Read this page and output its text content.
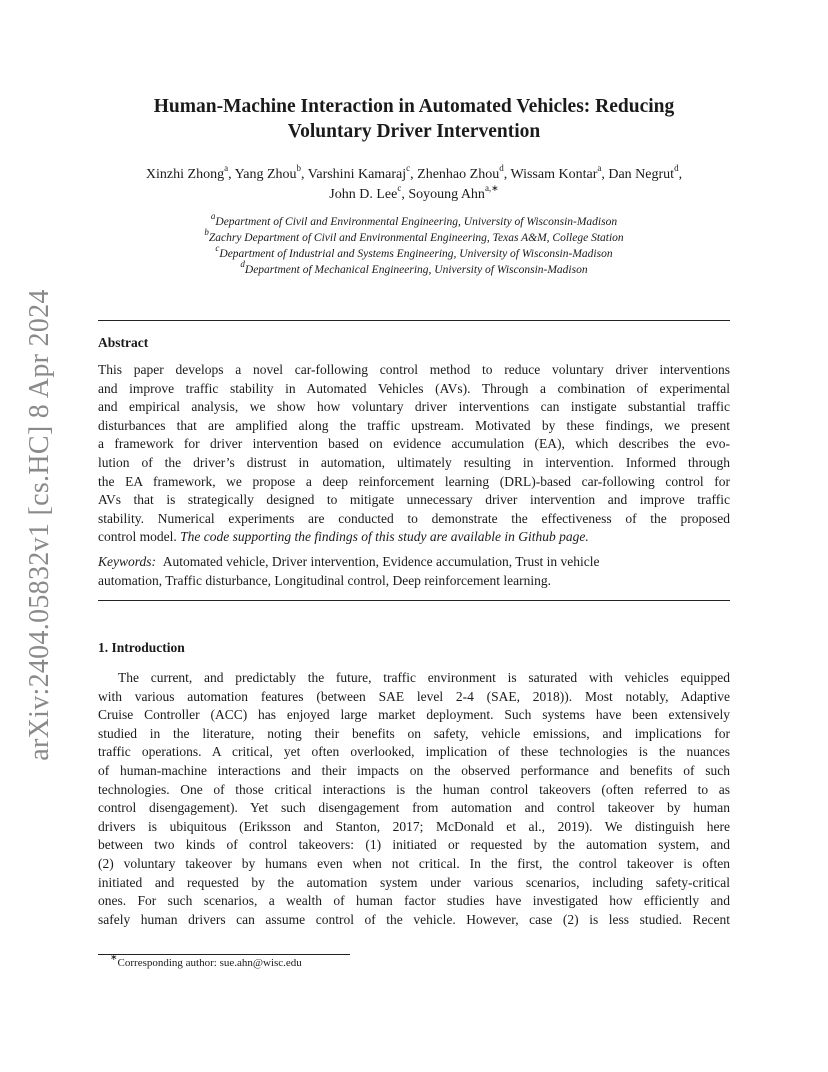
arXiv:2404.05832v1 [cs.HC] 8 Apr 2024
Human-Machine Interaction in Automated Vehicles: Reducing
Voluntary Driver Intervention
Xinzhi Zhong$^a$, Yang Zhou$^b$, Varshini Kamaraj$^c$, Zhenhao Zhou$^d$, Wissam Kontar$^a$, Dan Negrut$^d$,
John D. Lee$^c$, Soyoung Ahn$^{a,∗}$
$^a$Department of Civil and Environmental Engineering, University of Wisconsin-Madison
$^b$Zachry Department of Civil and Environmental Engineering, Texas A&M, College Station
$^c$Department of Industrial and Systems Engineering, University of Wisconsin-Madison
$^d$Department of Mechanical Engineering, University of Wisconsin-Madison
Abstract
This paper develops a novel car-following control method to reduce voluntary driver interventions
and improve traffic stability in Automated Vehicles (AVs). Through a combination of experimental
and empirical analysis, we show how voluntary driver interventions can instigate substantial traffic
disturbances that are amplified along the traffic upstream. Motivated by these findings, we present
a framework for driver intervention based on evidence accumulation (EA), which describes the evo-
lution of the driver’s distrust in automation, ultimately resulting in intervention. Informed through
the EA framework, we propose a deep reinforcement learning (DRL)-based car-following control for
AVs that is strategically designed to mitigate unnecessary driver intervention and improve traffic
stability. Numerical experiments are conducted to demonstrate the effectiveness of the proposed
control model. The code supporting the findings of this study are available in Github page.
Keywords: Automated vehicle, Driver intervention, Evidence accumulation, Trust in vehicle
automation, Traffic disturbance, Longitudinal control, Deep reinforcement learning.
1. Introduction
The current, and predictably the future, traffic environment is saturated with vehicles equipped
with various automation features (between SAE level 2-4 (SAE, 2018)). Most notably, Adaptive
Cruise Controller (ACC) has enjoyed large market deployment. Such systems have been extensively
studied in the literature, noting their benefits on safety, vehicle emissions, and implications for
traffic operations. A critical, yet often overlooked, implication of these technologies is the nuances
of human-machine interactions and their impacts on the observed performance and benefits of such
technologies. One of those critical interactions is the human control takeovers (often referred to as
control disengagement). Yet such disengagement from automation and control takeover by human
drivers is ubiquitous (Eriksson and Stanton, 2017; McDonald et al., 2019). We distinguish here
between two kinds of control takeovers: (1) initiated or requested by the automation system, and
(2) voluntary takeover by humans even when not critical. In the first, the control takeover is often
initiated and requested by the automation system under various scenarios, including safety-critical
ones. For such scenarios, a wealth of human factor studies have investigated how efficiently and
safely human drivers can assume control of the vehicle. However, case (2) is less studied. Recent
∗Corresponding author: sue.ahn@wisc.edu
